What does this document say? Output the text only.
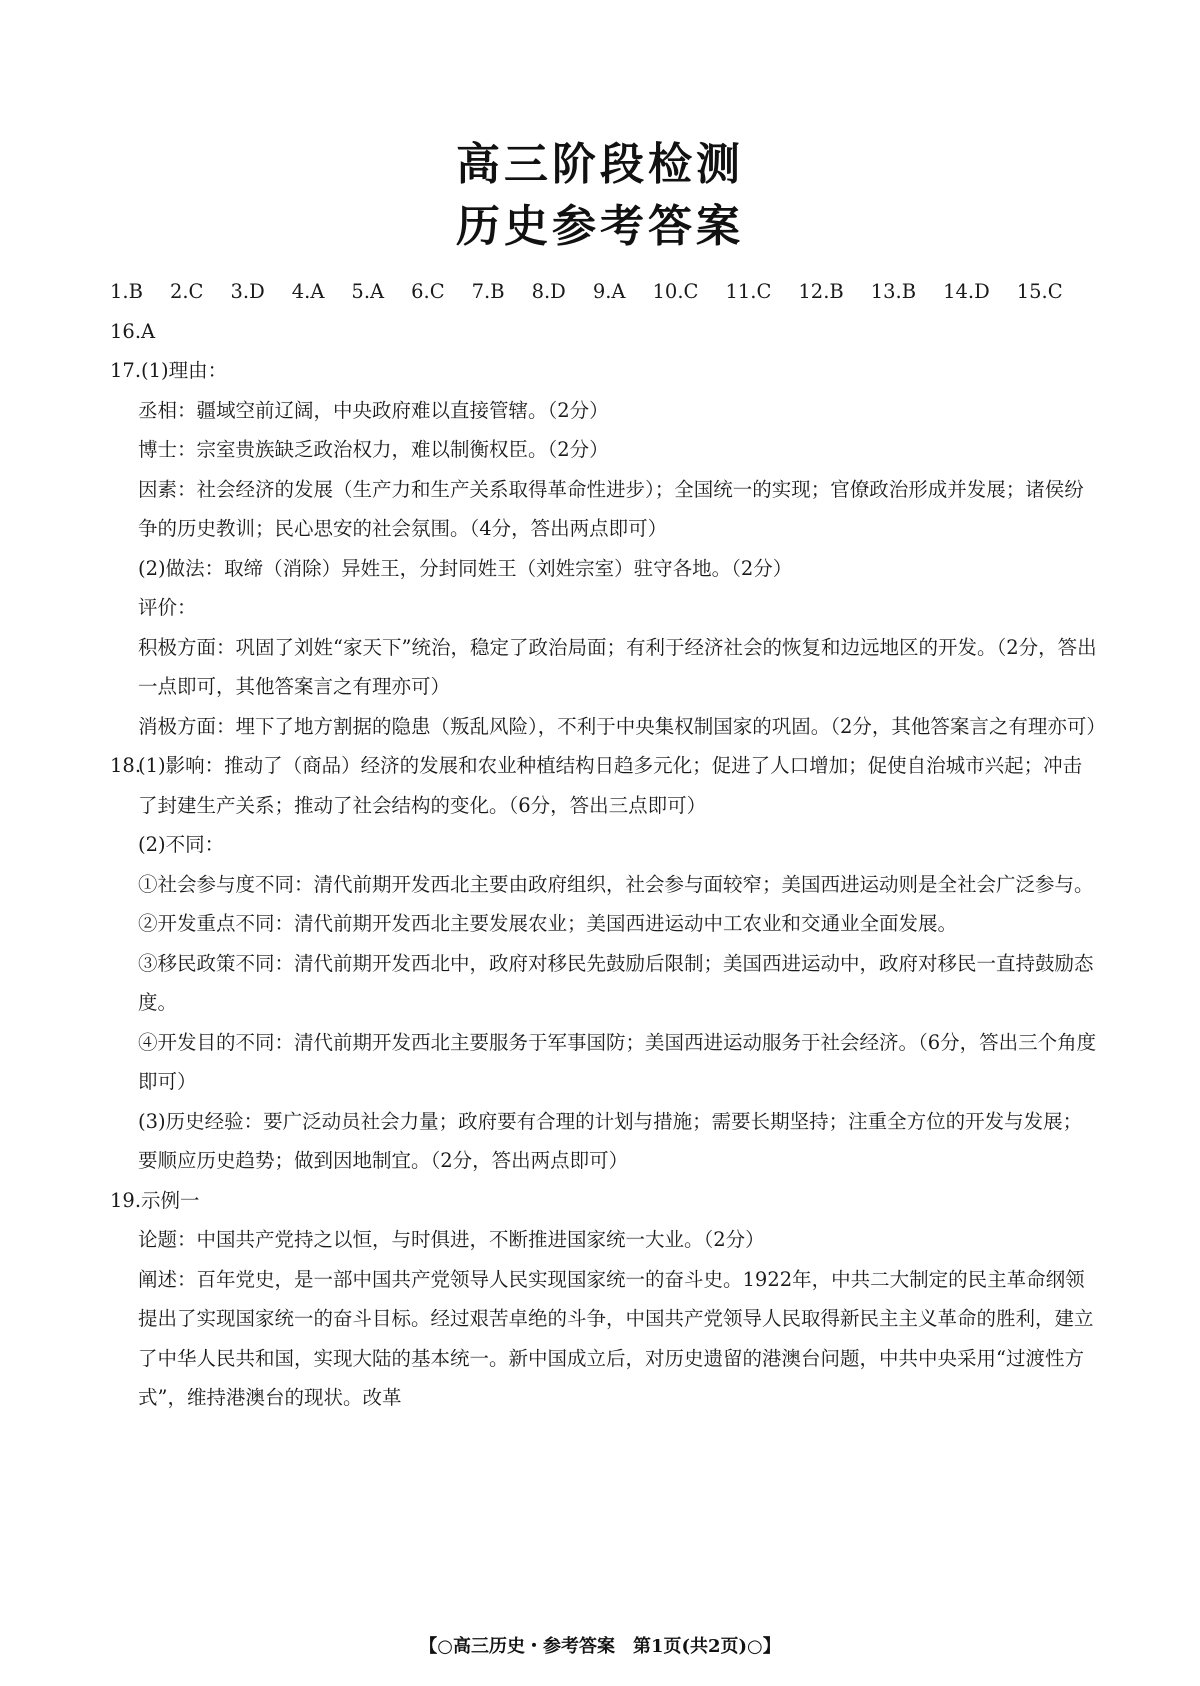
高三阶段检测
历史参考答案
1.B 2.C 3.D 4.A 5.A 6.C 7.B 8.D 9.A 10.C 11.C 12.B 13.B 14.D 15.C
16.A

17.(1)理由：

丞相：疆域空前辽阔，中央政府难以直接管辖。（2分）

博士：宗室贵族缺乏政治权力，难以制衡权臣。（2分）

因素：社会经济的发展（生产力和生产关系取得革命性进步）；全国统一的实现；官僚政治形成并发展；诸侯纷争的历史教训；民心思安的社会氛围。（4分，答出两点即可）

(2)做法：取缔（消除）异姓王，分封同姓王（刘姓宗室）驻守各地。（2分）

评价：

积极方面：巩固了刘姓“家天下”统治，稳定了政治局面；有利于经济社会的恢复和边远地区的开发。（2分，答出一点即可，其他答案言之有理亦可）

消极方面：埋下了地方割据的隐患（叛乱风险），不利于中央集权制国家的巩固。（2分，其他答案言之有理亦可）

18.

(1)影响：推动了（商品）经济的发展和农业种植结构日趋多元化；促进了人口增加；促使自治城市兴起；冲击了封建生产关系；推动了社会结构的变化。（6分，答出三点即可）

(2)不同：

①社会参与度不同：清代前期开发西北主要由政府组织，社会参与面较窄；美国西进运动则是全社会广泛参与。

②开发重点不同：清代前期开发西北主要发展农业；美国西进运动中工农业和交通业全面发展。

③移民政策不同：清代前期开发西北中，政府对移民先鼓励后限制；美国西进运动中，政府对移民一直持鼓励态度。

④开发目的不同：清代前期开发西北主要服务于军事国防；美国西进运动服务于社会经济。（6分，答出三个角度即可）

(3)历史经验：要广泛动员社会力量；政府要有合理的计划与措施；需要长期坚持；注重全方位的开发与发展；要顺应历史趋势；做到因地制宜。（2分，答出两点即可）

19.示例一

论题：中国共产党持之以恒，与时俱进，不断推进国家统一大业。（2分）

阐述：百年党史，是一部中国共产党领导人民实现国家统一的奋斗史。1922年，中共二大制定的民主革命纲领提出了实现国家统一的奋斗目标。经过艰苦卓绝的斗争，中国共产党领导人民取得新民主主义革命的胜利，建立了中华人民共和国，实现大陆的基本统一。新中国成立后，对历史遗留的港澳台问题，中共中央采用“过渡性方式”，维持港澳台的现状。改革

【○高三历史・参考答案　第1页(共2页)○】
